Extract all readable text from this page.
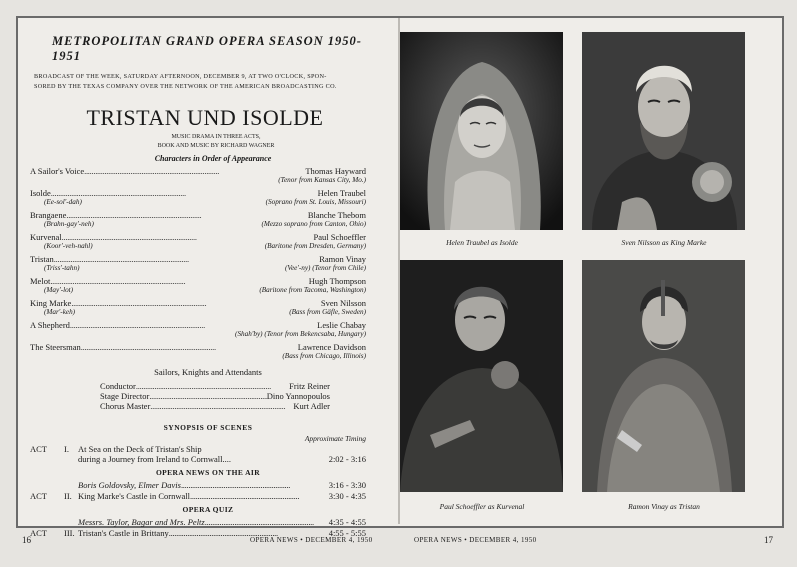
METROPOLITAN GRAND OPERA SEASON 1950-1951
BROADCAST OF THE WEEK, SATURDAY AFTERNOON, DECEMBER 9, AT TWO O'CLOCK, SPON-
SORED BY THE TEXAS COMPANY OVER THE NETWORK OF THE AMERICAN BROADCASTING CO.
TRISTAN UND ISOLDE
MUSIC DRAMA IN THREE ACTS,
BOOK AND MUSIC BY RICHARD WAGNER
Characters in Order of Appearance
A Sailor's Voice . . .	Thomas Hayward
(Tenor from Kansas City, Mo.)
Isolde . . .	Helen Traubel
(Ee-sol'-dah)	(Soprano from St. Louis, Missouri)
Brangaene . . .	Blanche Thebom
(Brahn-gay'-neh)	(Mezzo soprano from Canton, Ohio)
Kurvenal . . .	Paul Schoeffler
(Koor'-veh-nahl)	(Baritone from Dresden, Germany)
Tristan . . .	Ramon Vinay
(Triss'-tahn)	(Vee'-ny) (Tenor from Chile)
Melot . . .	Hugh Thompson
(May'-lot)	(Baritone from Tacoma, Washington)
King Marke . . .	Sven Nilsson
(Mar'-keh)	(Bass from Gäfle, Sweden)
A Shepherd . . .	Leslie Chabay
(Shah'by) (Tenor from Bekencsaba, Hungary)
The Steersman . . .	Lawrence Davidson
(Bass from Chicago, Illinois)
Sailors, Knights and Attendants
Conductor . . .	Fritz Reiner
Stage Director . . .	Dino Yannopoulos
Chorus Master . . .	Kurt Adler
SYNOPSIS OF SCENES
Approximate Timing
ACT	I.	At Sea on the Deck of Tristan's Ship
during a Journey from Ireland to Cornwall....	2:02 - 3:16
OPERA NEWS ON THE AIR
Boris Goldovsky, Elmer Davis . . .	3:16 - 3:30
ACT	II. King Marke's Castle in Cornwall . . .	3:30 - 4:35
OPERA QUIZ
Messrs. Taylor, Bagar and Mrs. Peltz . . .	4:35 - 4:55
ACT	III. Tristan's Castle in Brittany . . .	4:55 - 5:55
Helen Traubel as Isolde	Sven Nilsson as King Marke
Paul Schoeffler as Kurvenal	Ramon Vinay as Tristan
16	OPERA NEWS • DECEMBER 4, 1950	OPERA NEWS • DECEMBER 4, 1950	17
